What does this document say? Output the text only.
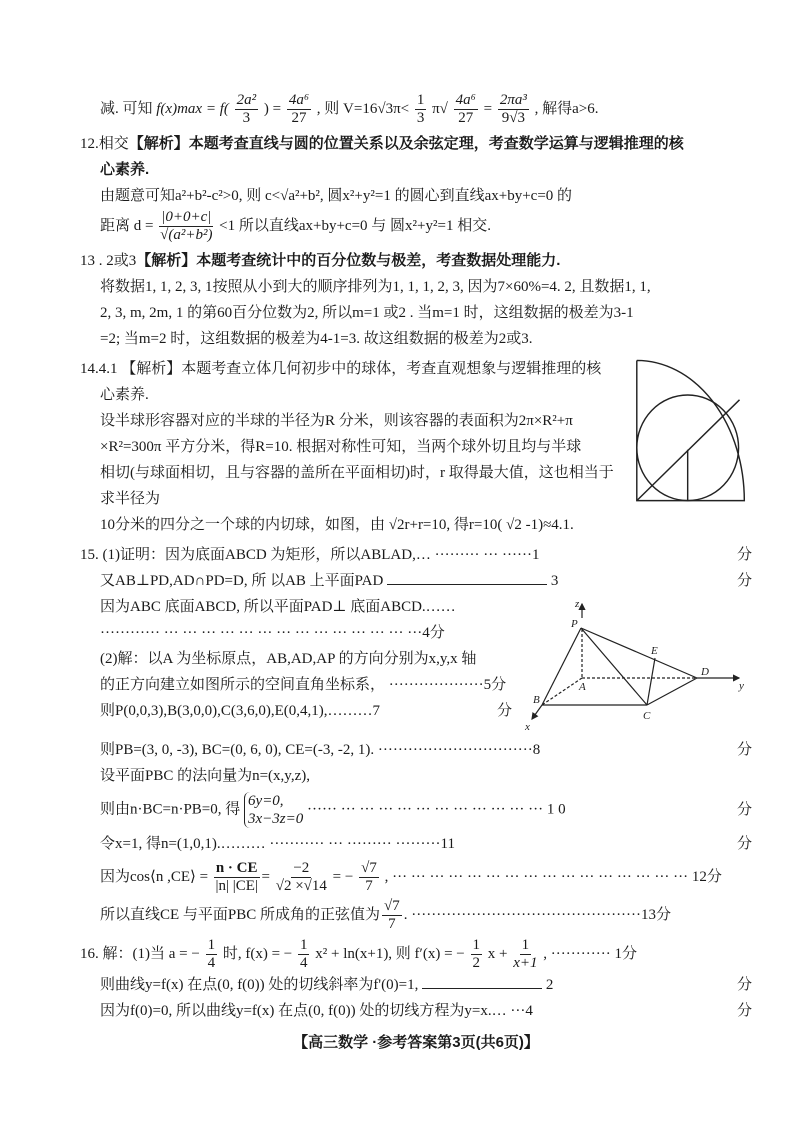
减. 可知 $f(x)\max = f( \frac{\text{2a²}}{3}$ ) = $\frac{\text{4a⁶}}{27}$ , 则 $V=16√3\pi< \frac{1}{3} \pi√ \frac{\text{4a⁶}}{27} = \frac{\text{2πa³}}{9√3}$ , 解得a>6.
12.相交【解析】本题考查直线与圆的位置关系以及余弦定理，考查数学运算与逻辑推理的核
心素养.
由题意可知a²+b²-c²>0, 则 c<√a²+b², 圆x²+y²=1 的圆心到直线ax+by+c=0 的
距离 $d = \frac{|0+0+c|}{\text{√(a²+b²)}} <1$ 所以直线ax+by+c=0 与 圆x²+y²=1 相交.
13 . 2或3【解析】本题考查统计中的百分位数与极差，考查数据处理能力.
将数据1, 1, 2, 3, 1按照从小到大的顺序排列为1, 1, 1, 2, 3, 因为7×60%=4. 2, 且数据1, 1,
2, 3, m, 2m, 1 的第60百分位数为2, 所以m=1 或2 . 当m=1 时，这组数据的极差为3-1
=2; 当m=2 时，这组数据的极差为4-1=3. 故这组数据的极差为2或3.
14.4.1 【解析】本题考查立体几何初步中的球体，考查直观想象与逻辑推理的核
心素养.
设半球形容器对应的半球的半径为R 分米，则该容器的表面积为2π×R²+π
×R²=300π 平方分米，得R=10. 根据对称性可知，当两个球外切且均与半球
相切(与球面相切，且与容器的盖所在平面相切)时，r 取得最大值，这也相当于求半径为
10分米的四分之一个球的内切球，如图，由 √2r+r=10, 得r=10( √2 -1)≈4.1.
15. (1)证明：因为底面ABCD 为矩形，所以ABLAD,… ········· ··· ······1	分
又AB⊥PD,AD∩PD=D, 所 以AB 上平面PAD	3	分
z
P
E
D
A	y
B
C
x
因为ABC 底面ABCD, 所以平面PAD⊥ 底面ABCD.……
············ ··· ··· ··· ··· ··· ··· ··· ··· ··· ··· ··· ··· ··· ···4分
(2)解：以A 为坐标原点，AB,AD,AP 的方向分别为x,y,x 轴
的正方向建立如图所示的空间直角坐标系， ···················5分
则P(0,0,3),B(3,0,0),C(3,6,0),E(0,4,1),………7	分
则PB=(3, 0, -3), BC=(0, 6, 0), CE=(-3, -2, 1). ·······························8	分
设平面PBC 的法向量为n=(x,y,z),
则由n·BC=n·PB=0, 得
6y=0,
3x−3z=0
······ ··· ··· ··· ··· ··· ··· ··· ··· ··· ··· ··· 1 0	分
令x=1, 得n=(1,0,1).……… ··········· ··· ········· ·········11	分
因为cos⟨n ,CE⟩ = $\frac{n \cdot CE}{|n| |CE|} = \frac{-2}{√2 \times√14}$ = − $\frac{√7}{7}$ , ··· ··· ··· ··· ··· ··· ··· ··· ··· ··· ··· ··· ··· ··· ··· ··· 12分
所以直线CE 与平面PBC 所成角的正弦值为 $\frac{√7}{7}$ . ··············································13分
16. 解：(1)当 a = − $\frac{1}{4}$ 时, f(x) = − $\frac{1}{4} x^2 + \ln(x+1)$, 则 f′(x) = − $\frac{1}{2}$ $x + \frac{1}{x+1}$ , ············ 1分
则曲线y=f(x) 在点(0, f(0)) 处的切线斜率为f'(0)=1,	2	分
因为f(0)=0, 所以曲线y=f(x) 在点(0, f(0)) 处的切线方程为y=x.… ···4	分
【高三数学 ·参考答案第3页(共6页)】
